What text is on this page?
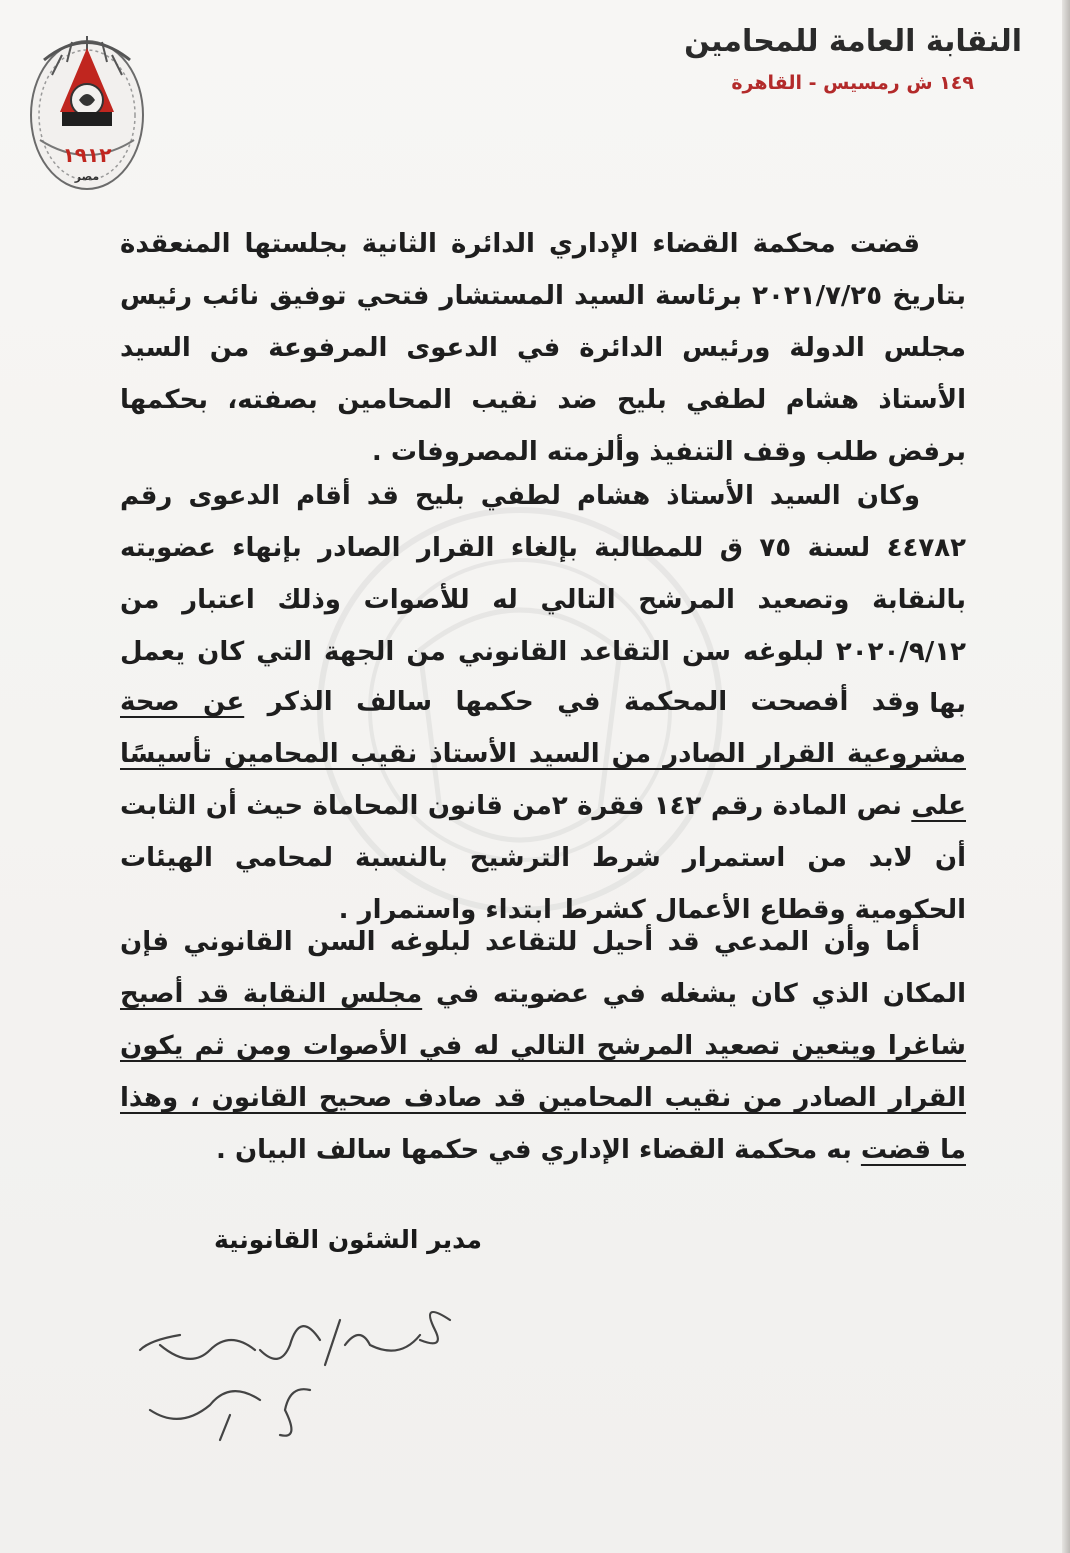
النقابة العامة للمحامين
١٤٩ ش رمسيس - القاهرة
١٩١٢
مصر
قضت محكمة القضاء الإداري الدائرة الثانية بجلستها المنعقدة بتاريخ ٢٠٢١/٧/٢٥ برئاسة السيد المستشار فتحي توفيق نائب رئيس مجلس الدولة ورئيس الدائرة في الدعوى المرفوعة من السيد الأستاذ هشام لطفي بليح ضد نقيب المحامين بصفته، بحكمها برفض طلب وقف التنفيذ وألزمته المصروفات .
وكان السيد الأستاذ هشام لطفي بليح قد أقام الدعوى رقم ٤٤٧٨٢ لسنة ٧٥ ق للمطالبة بإلغاء القرار الصادر بإنهاء عضويته بالنقابة وتصعيد المرشح التالي له للأصوات وذلك اعتبار من ٢٠٢٠/٩/١٢ لبلوغه سن التقاعد القانوني من الجهة التي كان يعمل بها .
وقد أفصحت المحكمة في حكمها سالف الذكر عن صحة مشروعية القرار الصادر من السيد الأستاذ نقيب المحامين تأسيسًا على نص المادة رقم ١٤٢ فقرة ٢من قانون المحاماة حيث أن الثابت أن لابد من استمرار شرط الترشيح بالنسبة لمحامي الهيئات الحكومية وقطاع الأعمال كشرط ابتداء واستمرار .
أما وأن المدعي قد أحيل للتقاعد لبلوغه السن القانوني فإن المكان الذي كان يشغله في عضويته في مجلس النقابة قد أصبح شاغرا ويتعين تصعيد المرشح التالي له في الأصوات ومن ثم يكون القرار الصادر من نقيب المحامين قد صادف صحيح القانون ، وهذا ما قضت به محكمة القضاء الإداري في حكمها سالف البيان .
مدير الشئون القانونية
